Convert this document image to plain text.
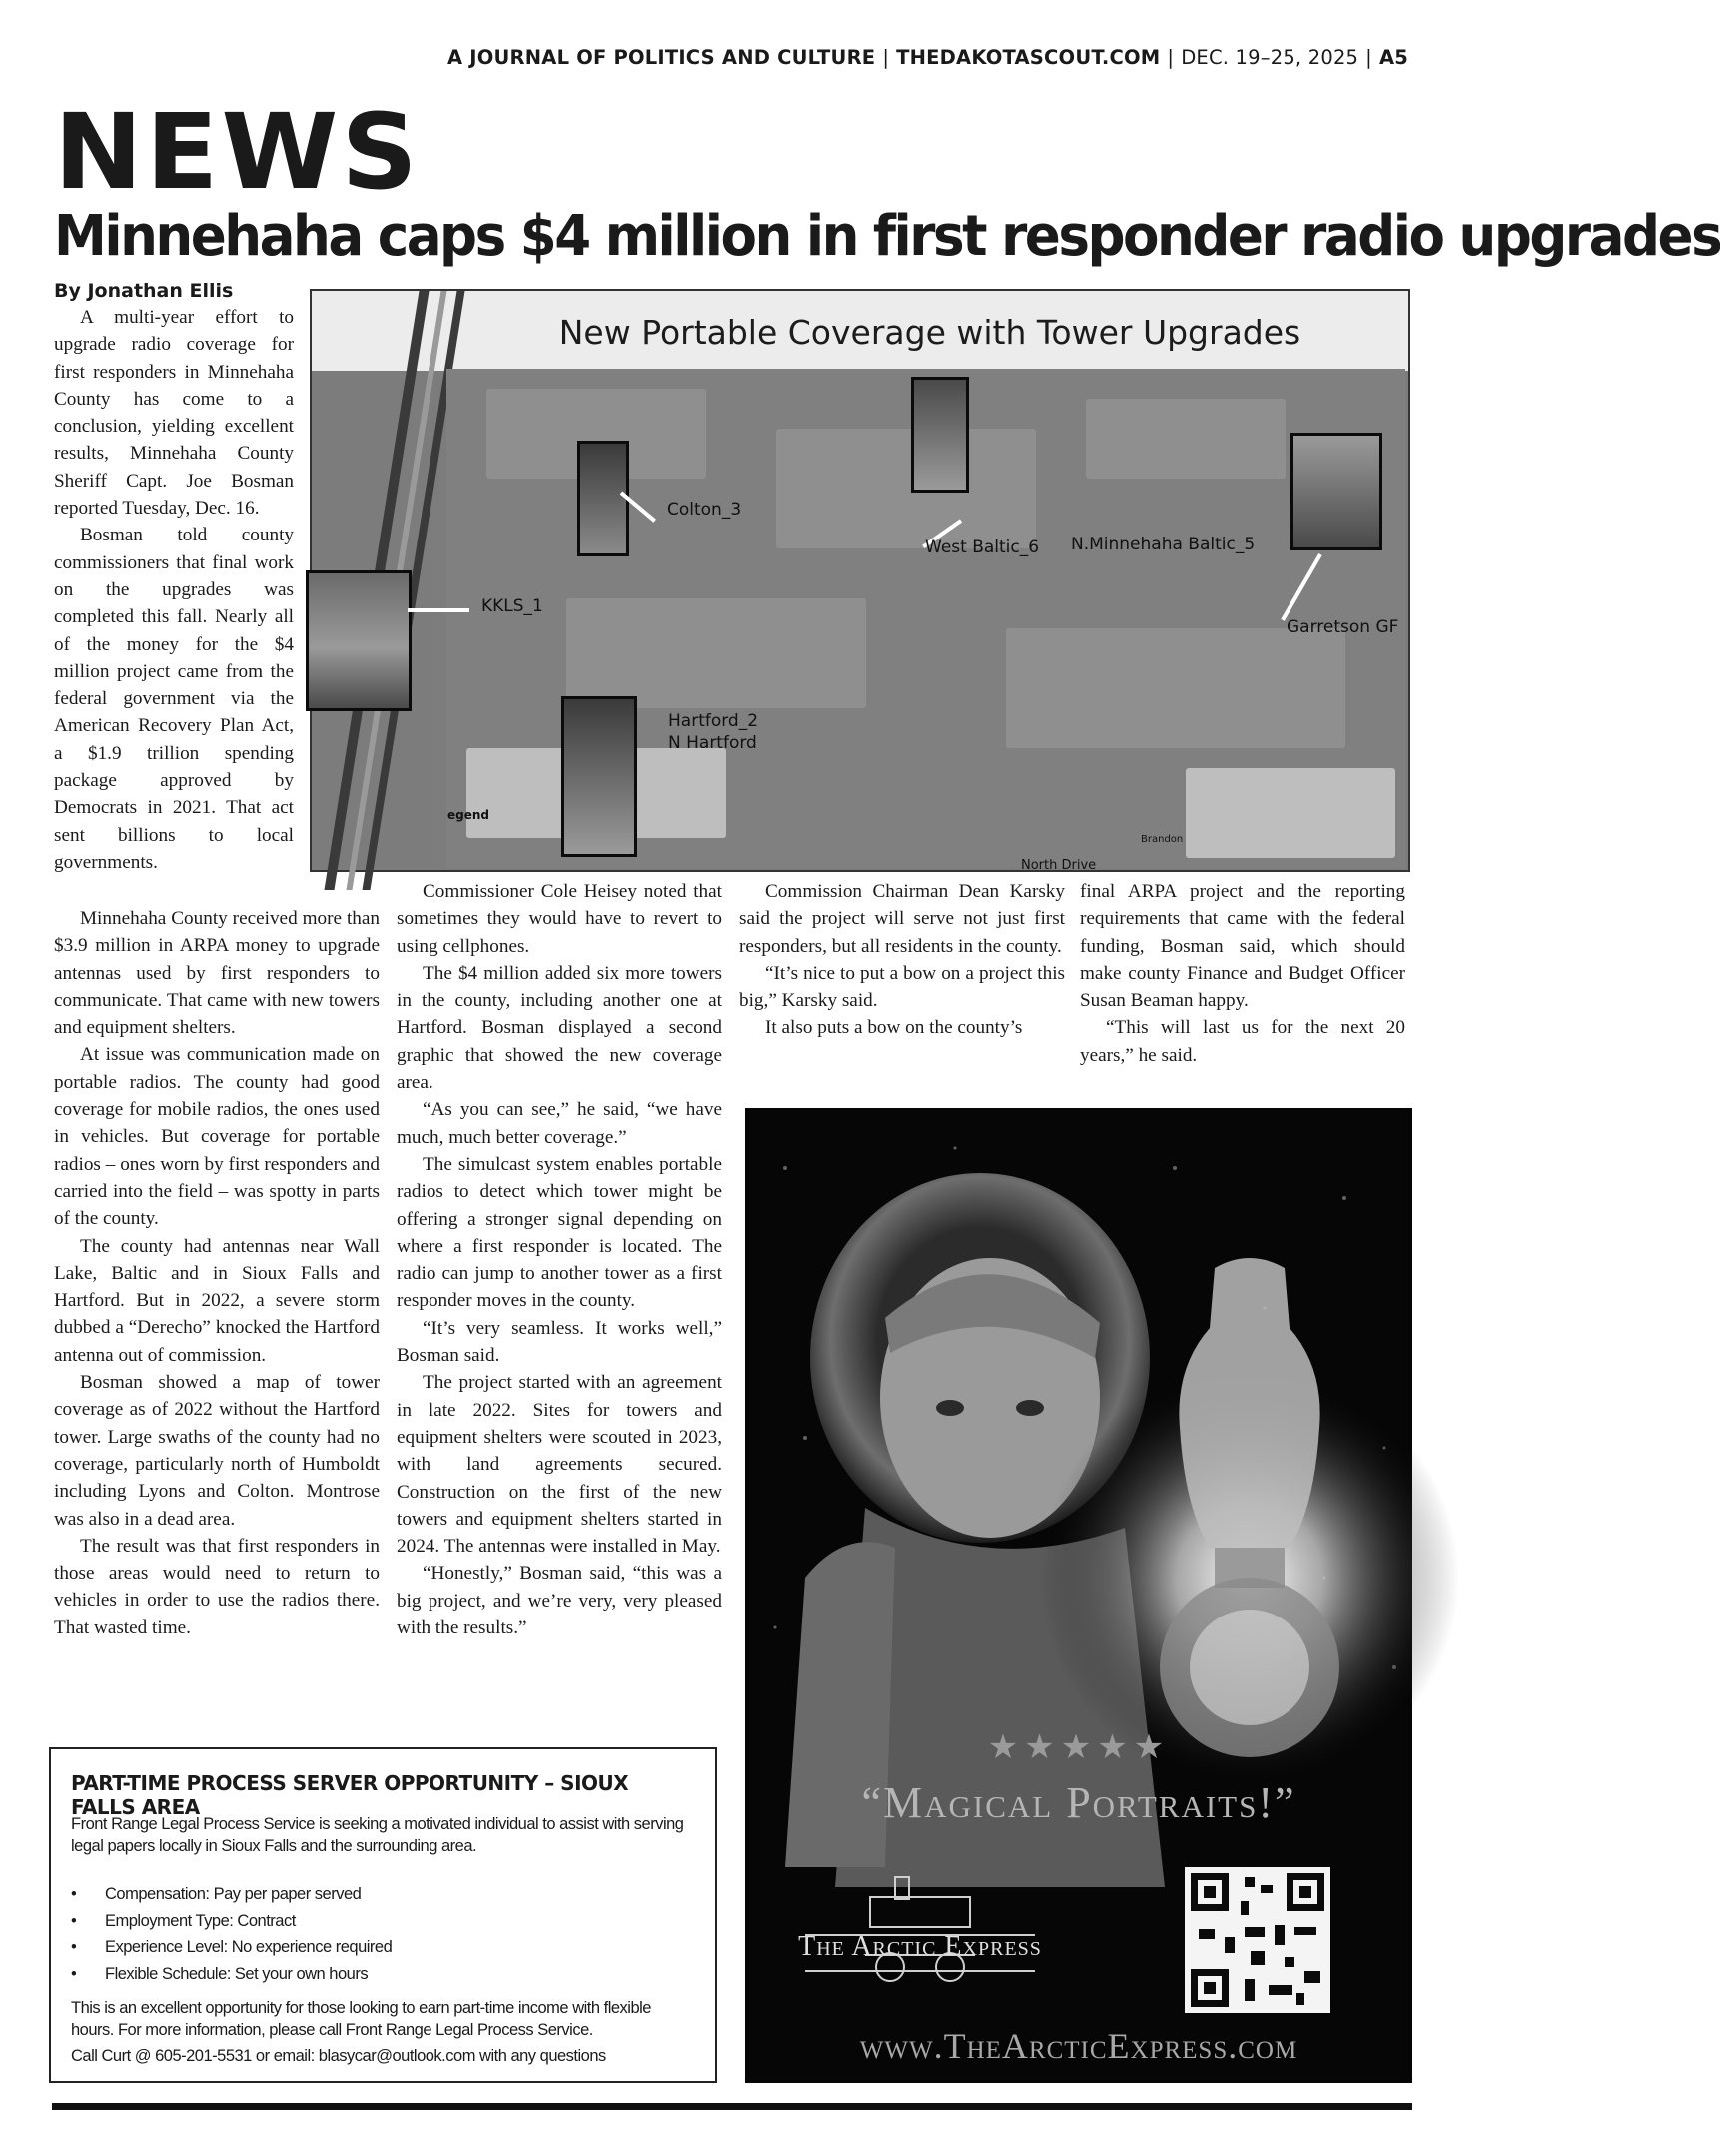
A JOURNAL OF POLITICS AND CULTURE | THEDAKOTASCOUT.COM | DEC. 19–25, 2025 | A5
NEWS
Minnehaha caps $4 million in first responder radio upgrades
By Jonathan Ellis

A multi-year effort to upgrade radio coverage for first responders in Minnehaha County has come to a conclusion, yielding excellent results, Minnehaha County Sheriff Capt. Joe Bosman reported Tuesday, Dec. 16.

Bosman told county commissioners that final work on the upgrades was completed this fall. Nearly all of the money for the $4 million project came from the federal government via the American Recovery Plan Act, a $1.9 trillion spending package approved by Democrats in 2021. That act sent billions to local governments.

Minnehaha County received more than $3.9 million in ARPA money to upgrade antennas used by first responders to communicate. That came with new towers and equipment shelters.

At issue was communication made on portable radios. The county had good coverage for mobile radios, the ones used in vehicles. But coverage for portable radios – ones worn by first responders and carried into the field – was spotty in parts of the county.

The county had antennas near Wall Lake, Baltic and in Sioux Falls and Hartford. But in 2022, a severe storm dubbed a “Derecho” knocked the Hartford antenna out of commission.

Bosman showed a map of tower coverage as of 2022 without the Hartford tower. Large swaths of the county had no coverage, particularly north of Humboldt including Lyons and Colton. Montrose was also in a dead area.

The result was that first responders in those areas would need to return to vehicles in order to use the radios there. That wasted time.

Commissioner Cole Heisey noted that sometimes they would have to revert to using cellphones.

The $4 million added six more towers in the county, including another one at Hartford. Bosman displayed a second graphic that showed the new coverage area.

“As you can see,” he said, “we have much, much better coverage.”

The simulcast system enables portable radios to detect which tower might be offering a stronger signal depending on where a first responder is located. The radio can jump to another tower as a first responder moves in the county.

“It’s very seamless. It works well,” Bosman said.

The project started with an agreement in late 2022. Sites for towers and equipment shelters were scouted in 2023, with land agreements secured. Construction on the first of the new towers and equipment shelters started in 2024. The antennas were installed in May.

“Honestly,” Bosman said, “this was a big project, and we’re very, very pleased with the results.”

Commission Chairman Dean Karsky said the project will serve not just first responders, but all residents in the county.

“It’s nice to put a bow on a project this big,” Karsky said.

It also puts a bow on the county’s

final ARPA project and the reporting requirements that came with the federal funding, Bosman said, which should make county Finance and Budget Officer Susan Beaman happy.

“This will last us for the next 20 years,” he said.

New Portable Coverage with Tower Upgrades
KKLS_1
Colton_3
West Baltic_6 N.Minnehaha Baltic_5
Garretson GF
Hartford_2
N Hartford
egend
Brandon
North Drive
PART-TIME PROCESS SERVER OPPORTUNITY – SIOUX FALLS AREA
Front Range Legal Process Service is seeking a motivated individual to assist with serving legal papers locally in Sioux Falls and the surrounding area.
• Compensation: Pay per paper served
• Employment Type: Contract
• Experience Level: No experience required
• Flexible Schedule: Set your own hours
This is an excellent opportunity for those looking to earn part-time income with flexible hours. For more information, please call Front Range Legal Process Service.
Call Curt @ 605-201-5531 or email: blasycar@outlook.com with any questions
★★★★★
“Magical Portraits!”
The Arctic Express
www.TheArcticExpress.com
